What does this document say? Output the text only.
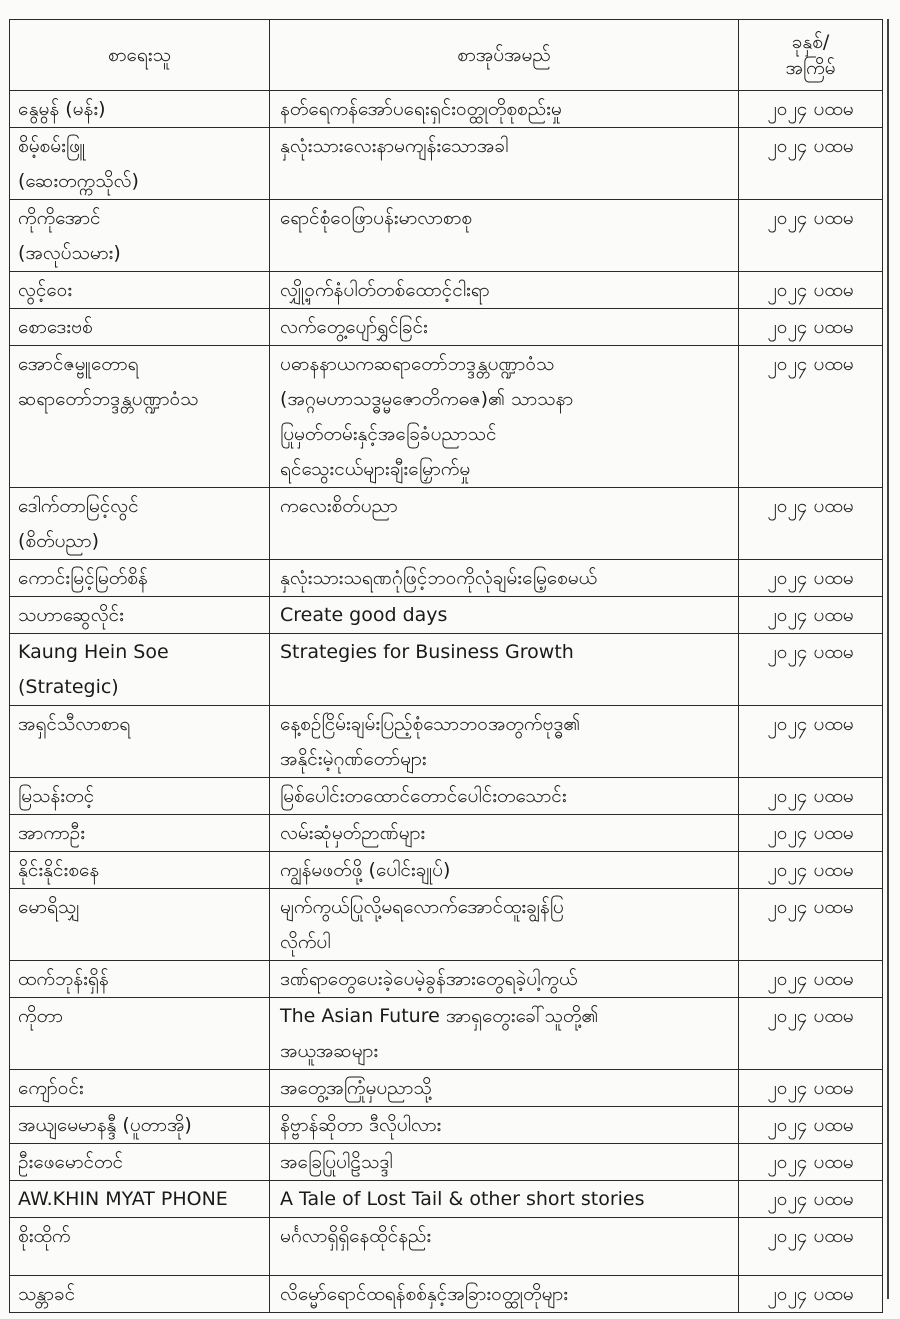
စာရေးသူ	စာအုပ်အမည်	ခုနှစ်/
အကြိမ်

နွေမွန် (မန်း)	နတ်ရေကန်အော်ပရေးရှင်းဝတ္ထုတိုစုစည်းမှု	၂၀၂၄ ပထမ

စိမ့်စမ်းဖြူ
(ဆေးတက္ကသိုလ်)	နှလုံးသားလေးနာမကျန်းသောအခါ	၂၀၂၄ ပထမ

ကိုကိုအောင်
(အလုပ်သမား)	ရောင်စုံဝေဖြာပန်းမာလာစာစု	၂၀၂၄ ပထမ

လွင့်ဝေး	လျှို့ဝှက်နံပါတ်တစ်ထောင့်ငါးရာ	၂၀၂၄ ပထမ

စောဒေးဗစ်	လက်တွေ့ပျော်ရွှင်ခြင်း	၂၀၂၄ ပထမ

အောင်ဇမ္ဗူတောရ
ဆရာတော်ဘဒ္ဒန္တပဏ္ဍာဝံသ	ပဓာနနာယကဆရာတော်ဘဒ္ဒန္တပဏ္ဍာဝံသ
(အဂ္ဂမဟာသဒ္ဓမ္မဇောတိကဓဇ)၏ သာသနာ
ပြုမှတ်တမ်းနှင့်အခြေခံပညာသင်
ရင်သွေးငယ်များချီးမြှောက်မှု	၂၀၂၄ ပထမ

ဒေါက်တာမြင့်လွင်
(စိတ်ပညာ)	ကလေးစိတ်ပညာ	၂၀၂၄ ပထမ

ကောင်းမြင့်မြတ်စိန်	နှလုံးသားသရဏဂုံဖြင့်ဘဝကိုလုံချမ်းမြေ့စေမယ်	၂၀၂၄ ပထမ

သဟာဆွေလိုင်း	Create good days	၂၀၂၄ ပထမ

Kaung Hein Soe
(Strategic)	Strategies for Business Growth	၂၀၂၄ ပထမ

အရှင်သီလာစာရ	နေ့စဉ်ငြိမ်းချမ်းပြည့်စုံသောဘဝအတွက်ဗုဒ္ဓ၏
အနိုင်းမဲ့ဂုဏ်တော်များ	၂၀၂၄ ပထမ

မြသန်းတင့်	မြစ်ပေါင်းတထောင်တောင်ပေါင်းတသောင်း	၂၀၂၄ ပထမ

အာကာဦး	လမ်းဆုံမှတ်ဉာဏ်များ	၂၀၂၄ ပထမ

နိုင်းနိုင်းစနေ	ကျွန်မဖတ်ဖို့ (ပေါင်းချုပ်)	၂၀၂၄ ပထမ

မောရိသျှ	မျက်ကွယ်ပြုလို့မရလောက်အောင်ထူးချွန်ပြ
လိုက်ပါ	၂၀၂၄ ပထမ

ထက်ဘုန်းရှိန်	ဒဏ်ရာတွေပေးခဲ့ပေမဲ့ခွန်အားတွေရခဲ့ပါ့ကွယ်	၂၀၂၄ ပထမ

ကိုတာ	The Asian Future အာရှတွေးခေါ်သူတို့၏
အယူအဆများ	၂၀၂၄ ပထမ

ကျော်ဝင်း	အတွေ့အကြုံမှပညာသို့	၂၀၂၄ ပထမ

အယျမေမာနန္ဒီ (ပူတာအို)	နိဗ္ဗာန်ဆိုတာ ဒီလိုပါလား	၂၀၂၄ ပထမ

ဦးဖေမောင်တင်	အခြေပြုပါဠိသဒ္ဒါ	၂၀၂၄ ပထမ

AW.KHIN MYAT PHONE	A Tale of Lost Tail & other short stories	၂၀၂၄ ပထမ

စိုးထိုက်	မင်္ဂလာရှိရှိနေထိုင်နည်း	၂၀၂၄ ပထမ

သန္တာခင်	လိမ္မော်ရောင်ထရန်စစ်နှင့်အခြားဝတ္ထုတိုများ	၂၀၂၄ ပထမ
